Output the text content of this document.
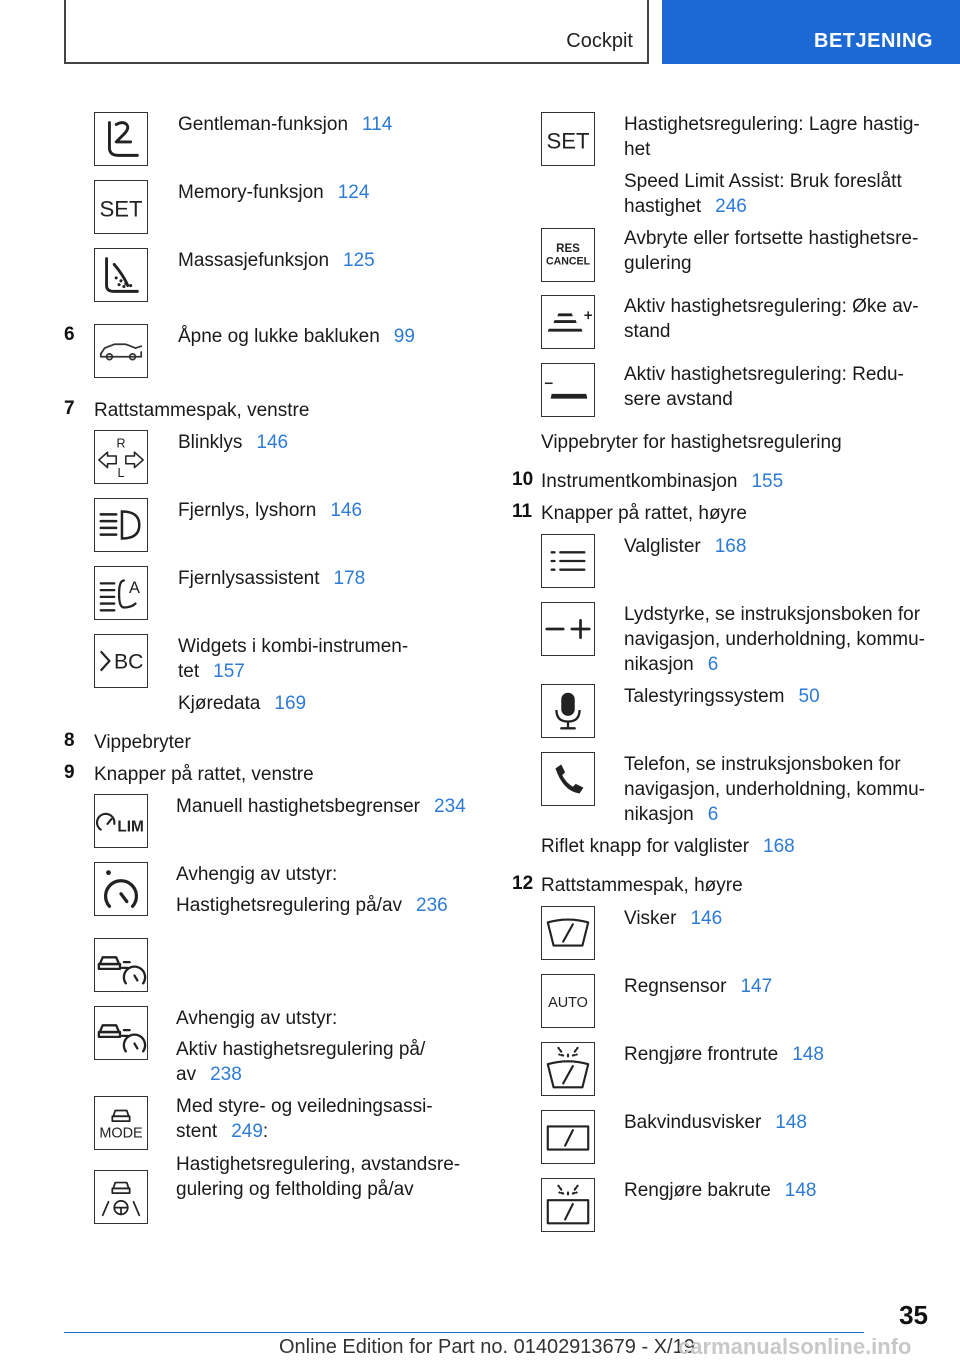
Cockpit	BETJENING
Gentleman-funksjon 114
SET
Memory-funksjon 124
Massasjefunksjon 125
6	Åpne og lukke bakluken 99
7 Rattstammespak, venstre
R
L
Blinklys 146
Fjernlys, lyshorn 146
A Fjernlysassistent 178
BC
Widgets i kombi-instrumen-
tet 157
Kjøredata 169
8 Vippebryter
9 Knapper på rattet, venstre
LIM
Manuell hastighetsbegrenser 234
Avhengig av utstyr:
Hastighetsregulering på/av 236
Avhengig av utstyr:
Aktiv hastighetsregulering på/
av 238
MODE
Med styre- og veiledningsassi-
stent 249:
Hastighetsregulering, avstandsre-
gulering og feltholding på/av
SET
Hastighetsregulering: Lagre hastig-
het
Speed Limit Assist: Bruk foreslått
hastighet 246
RES
CANCEL
Avbryte eller fortsette hastighetsre-
gulering
Aktiv hastighetsregulering: Øke av-
stand
Aktiv hastighetsregulering: Redu-
sere avstand
Vippebryter for hastighetsregulering
10 Instrumentkombinasjon 155
11 Knapper på rattet, høyre
Valglister 168
Lydstyrke, se instruksjonsboken for
navigasjon, underholdning, kommu-
nikasjon 6
Talestyringssystem 50
Telefon, se instruksjonsboken for
navigasjon, underholdning, kommu-
nikasjon 6
Riflet knapp for valglister 168
12 Rattstammespak, høyre
Visker 146
AUTO
Regnsensor 147
Rengjøre frontrute 148
Bakvindusvisker 148
Rengjøre bakrute 148
35
Online Edition for Part no. 01402913679 - X/19
carmanualsonline.info
